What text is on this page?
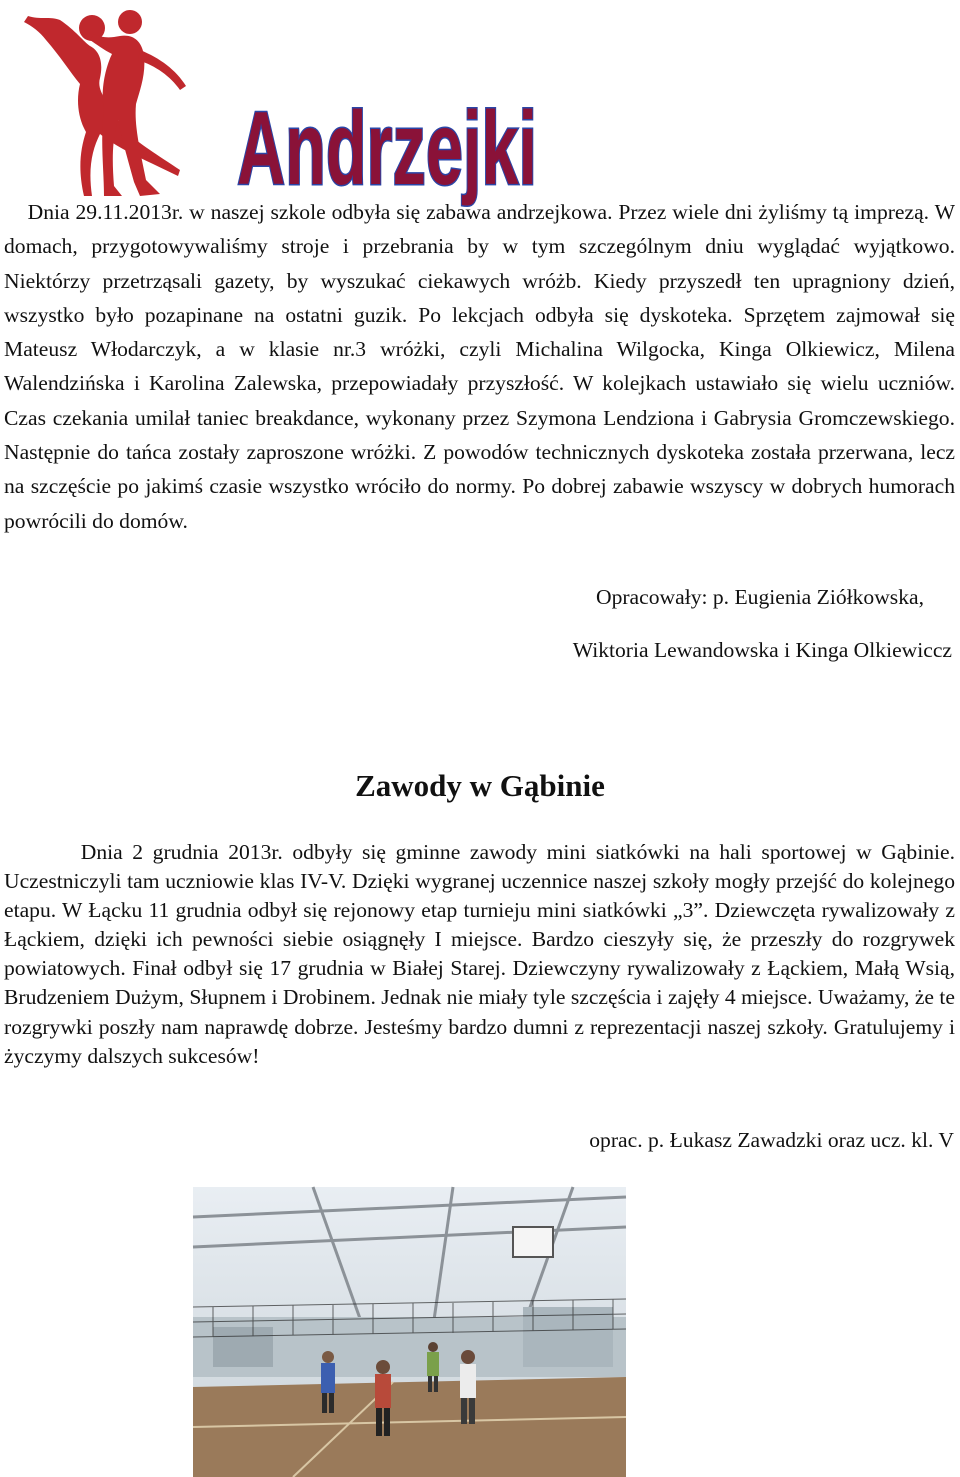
Andrzejki

Dnia 29.11.2013r. w naszej szkole odbyła się zabawa andrzejkowa. Przez wiele dni żyliśmy tą imprezą. W domach, przygotowywaliśmy stroje i przebrania by w tym szczególnym dniu wyglądać wyjątkowo. Niektórzy przetrząsali gazety, by wyszukać ciekawych wróżb. Kiedy przyszedł ten upragniony dzień, wszystko było pozapinane na ostatni guzik. Po lekcjach odbyła się dyskoteka. Sprzętem zajmował się Mateusz Włodarczyk, a w klasie nr.3 wróżki, czyli Michalina Wilgocka, Kinga Olkiewicz, Milena Walendzińska i Karolina Zalewska, przepowiadały przyszłość. W kolejkach ustawiało się wielu uczniów. Czas czekania umilał taniec breakdance, wykonany przez Szymona Lendziona i Gabrysia Gromczewskiego. Następnie do tańca zostały zaproszone wróżki. Z powodów technicznych dyskoteka została przerwana, lecz na szczęście po jakimś czasie wszystko wróciło do normy. Po dobrej zabawie wszyscy w dobrych humorach powrócili do domów.

Opracowały: p. Eugienia Ziółkowska,

Wiktoria Lewandowska i Kinga Olkiewiccz

Zawody w Gąbinie

Dnia 2 grudnia 2013r. odbyły się gminne zawody mini siatkówki na hali sportowej w Gąbinie. Uczestniczyli tam uczniowie klas IV-V. Dzięki wygranej uczennice naszej szkoły mogły przejść do kolejnego etapu. W Łącku 11 grudnia odbył się rejonowy etap turnieju mini siatkówki „3”. Dziewczęta rywalizowały z Łąckiem, dzięki ich pewności siebie osiągnęły I miejsce. Bardzo cieszyły się, że przeszły do rozgrywek powiatowych. Finał odbył się 17 grudnia w Białej Starej. Dziewczyny rywalizowały z Łąckiem, Małą Wsią, Brudzeniem Dużym, Słupnem i Drobinem. Jednak nie miały tyle szczęścia i zajęły 4 miejsce. Uważamy, że te rozgrywki poszły nam naprawdę dobrze. Jesteśmy bardzo dumni z reprezentacji naszej szkoły. Gratulujemy i życzymy dalszych sukcesów!

oprac. p. Łukasz Zawadzki oraz ucz. kl. V
